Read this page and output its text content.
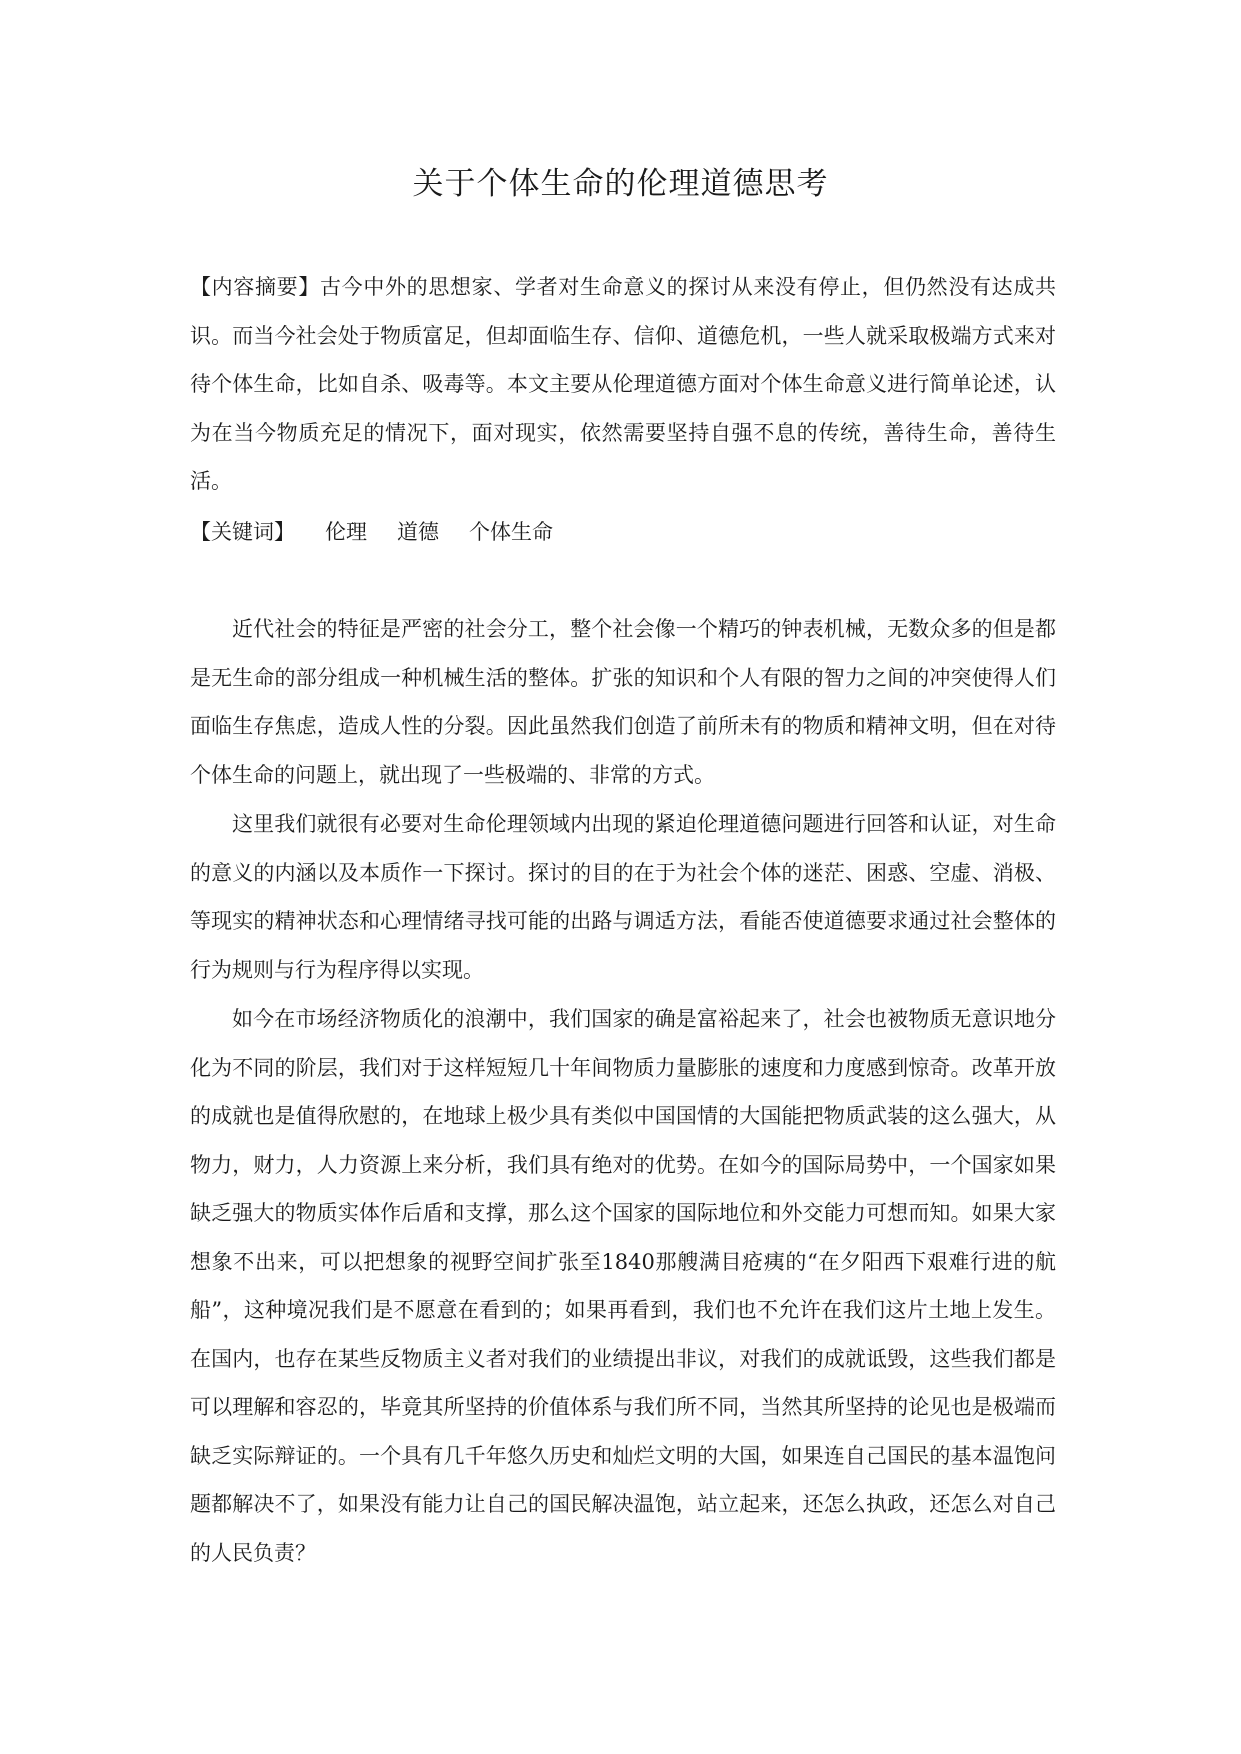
关于个体生命的伦理道德思考

【内容摘要】古今中外的思想家、学者对生命意义的探讨从来没有停止，但仍然没有达成共识。而当今社会处于物质富足，但却面临生存、信仰、道德危机，一些人就采取极端方式来对待个体生命，比如自杀、吸毒等。本文主要从伦理道德方面对个体生命意义进行简单论述，认为在当今物质充足的情况下，面对现实，依然需要坚持自强不息的传统，善待生命，善待生活。

【关键词】 伦理 道德 个体生命

近代社会的特征是严密的社会分工，整个社会像一个精巧的钟表机械，无数众多的但是都是无生命的部分组成一种机械生活的整体。扩张的知识和个人有限的智力之间的冲突使得人们面临生存焦虑，造成人性的分裂。因此虽然我们创造了前所未有的物质和精神文明，但在对待个体生命的问题上，就出现了一些极端的、非常的方式。

这里我们就很有必要对生命伦理领域内出现的紧迫伦理道德问题进行回答和认证，对生命的意义的内涵以及本质作一下探讨。探讨的目的在于为社会个体的迷茫、困惑、空虚、消极、等现实的精神状态和心理情绪寻找可能的出路与调适方法，看能否使道德要求通过社会整体的行为规则与行为程序得以实现。

如今在市场经济物质化的浪潮中，我们国家的确是富裕起来了，社会也被物质无意识地分化为不同的阶层，我们对于这样短短几十年间物质力量膨胀的速度和力度感到惊奇。改革开放的成就也是值得欣慰的，在地球上极少具有类似中国国情的大国能把物质武装的这么强大，从物力，财力，人力资源上来分析，我们具有绝对的优势。在如今的国际局势中，一个国家如果缺乏强大的物质实体作后盾和支撑，那么这个国家的国际地位和外交能力可想而知。如果大家想象不出来，可以把想象的视野空间扩张至1840那艘满目疮痍的“在夕阳西下艰难行进的航船”，这种境况我们是不愿意在看到的；如果再看到，我们也不允许在我们这片土地上发生。在国内，也存在某些反物质主义者对我们的业绩提出非议，对我们的成就诋毁，这些我们都是可以理解和容忍的，毕竟其所坚持的价值体系与我们所不同，当然其所坚持的论见也是极端而缺乏实际辩证的。一个具有几千年悠久历史和灿烂文明的大国，如果连自己国民的基本温饱问题都解决不了，如果没有能力让自己的国民解决温饱，站立起来，还怎么执政，还怎么对自己的人民负责？
